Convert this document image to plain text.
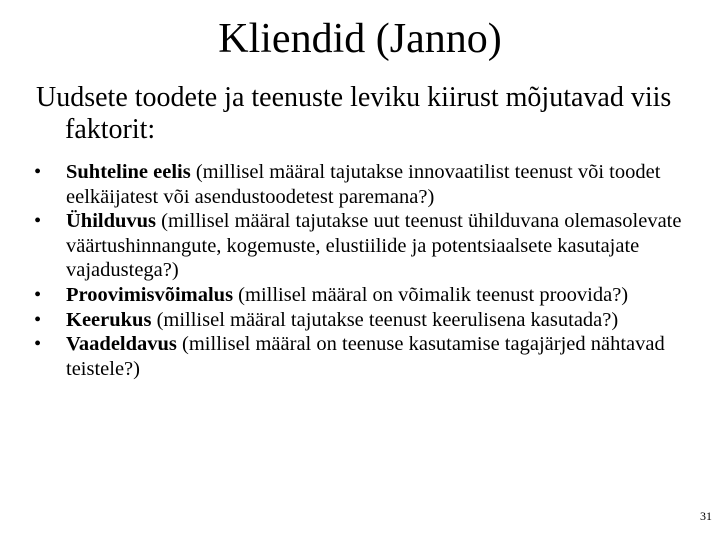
Kliendid (Janno)
Uudsete toodete ja teenuste leviku kiirust mõjutavad viis faktorit:
• Suhteline eelis (millisel määral tajutakse innovaatilist teenust või toodet eelkäijatest või asendustoodetest paremana?)
• Ühilduvus (millisel määral tajutakse uut teenust ühilduvana olemasolevate väärtushinnangute, kogemuste, elustiilide ja potentsiaalsete kasutajate vajadustega?)
• Proovimisvõimalus (millisel määral on võimalik teenust proovida?)
• Keerukus (millisel määral tajutakse teenust keerulisena kasutada?)
• Vaadeldavus (millisel määral on teenuse kasutamise tagajärjed nähtavad teistele?)
31
